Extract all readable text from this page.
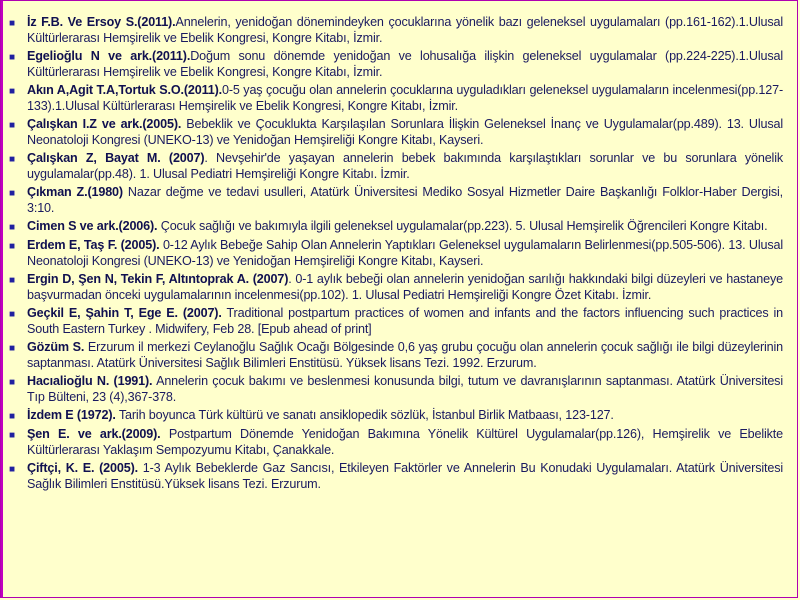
■
İz F.B. Ve Ersoy S.(2011).Annelerin, yenidoğan dönemindeyken çocuklarına yönelik bazı geleneksel uygulamaları (pp.161-162).1.Ulusal Kültürlerarası Hemşirelik ve Ebelik Kongresi, Kongre Kitabı, İzmir.
■
Egelioğlu N ve ark.(2011).Doğum sonu dönemde yenidoğan ve lohusalığa ilişkin geleneksel uygulamalar (pp.224-225).1.Ulusal Kültürlerarası Hemşirelik ve Ebelik Kongresi, Kongre Kitabı, İzmir.
■
Akın A,Agit T.A,Tortuk S.O.(2011).0-5 yaş çocuğu olan annelerin çocuklarına uyguladıkları geleneksel uygulamaların incelenmesi(pp.127-133).1.Ulusal Kültürlerarası Hemşirelik ve Ebelik Kongresi, Kongre Kitabı, İzmir.
■
Çalışkan I.Z ve ark.(2005). Bebeklik ve Çocuklukta Karşılaşılan Sorunlara İlişkin Geleneksel İnanç ve Uygulamalar(pp.489). 13. Ulusal Neonatoloji Kongresi (UNEKO-13) ve Yenidoğan Hemşireliği Kongre Kitabı, Kayseri.
■
Çalışkan Z, Bayat M. (2007). Nevşehir'de yaşayan annelerin bebek bakımında karşılaştıkları sorunlar ve bu sorunlara yönelik uygulamalar(pp.48). 1. Ulusal Pediatri Hemşireliği Kongre Kitabı. İzmir.
■
Çıkman Z.(1980) Nazar değme ve tedavi usulleri, Atatürk Üniversitesi Mediko Sosyal Hizmetler Daire Başkanlığı Folklor-Haber Dergisi, 3:10.
■
Cimen S ve ark.(2006). Çocuk sağlığı ve bakımıyla ilgili geleneksel uygulamalar(pp.223). 5. Ulusal Hemşirelik Öğrencileri Kongre Kitabı.
■
Erdem E, Taş F. (2005). 0-12 Aylık Bebeğe Sahip Olan Annelerin Yaptıkları Geleneksel uygulamaların Belirlenmesi(pp.505-506). 13. Ulusal Neonatoloji Kongresi (UNEKO-13) ve Yenidoğan Hemşireliği Kongre Kitabı, Kayseri.
■
Ergin D, Şen N, Tekin F, Altıntoprak A. (2007). 0-1 aylık bebeği olan annelerin yenidoğan sarılığı hakkındaki bilgi düzeyleri ve hastaneye başvurmadan önceki uygulamalarının incelenmesi(pp.102). 1. Ulusal Pediatri Hemşireliği Kongre Özet Kitabı. İzmir.
■
Geçkil E, Şahin T, Ege E. (2007). Traditional postpartum practices of women and infants and the factors influencing such practices in South Eastern Turkey . Midwifery, Feb 28. [Epub ahead of print]
■
Gözüm S. Erzurum il merkezi Ceylanoğlu Sağlık Ocağı Bölgesinde 0,6 yaş grubu çocuğu olan annelerin çocuk sağlığı ile bilgi düzeylerinin saptanması. Atatürk Üniversitesi Sağlık Bilimleri Enstitüsü. Yüksek lisans Tezi. 1992. Erzurum.
■
Hacıalioğlu N. (1991). Annelerin çocuk bakımı ve beslenmesi konusunda bilgi, tutum ve davranışlarının saptanması. Atatürk Üniversitesi Tıp Bülteni, 23 (4),367-378.
■
İzdem E (1972). Tarih boyunca Türk kültürü ve sanatı ansiklopedik sözlük, İstanbul Birlik Matbaası, 123-127.
■
Şen E. ve ark.(2009). Postpartum Dönemde Yenidoğan Bakımına Yönelik Kültürel Uygulamalar(pp.126), Hemşirelik ve Ebelikte Kültürlerarası Yaklaşım Sempozyumu Kitabı, Çanakkale.
■
Çiftçi, K. E. (2005). 1-3 Aylık Bebeklerde Gaz Sancısı, Etkileyen Faktörler ve Annelerin Bu Konudaki Uygulamaları. Atatürk Üniversitesi Sağlık Bilimleri Enstitüsü.Yüksek lisans Tezi. Erzurum.
